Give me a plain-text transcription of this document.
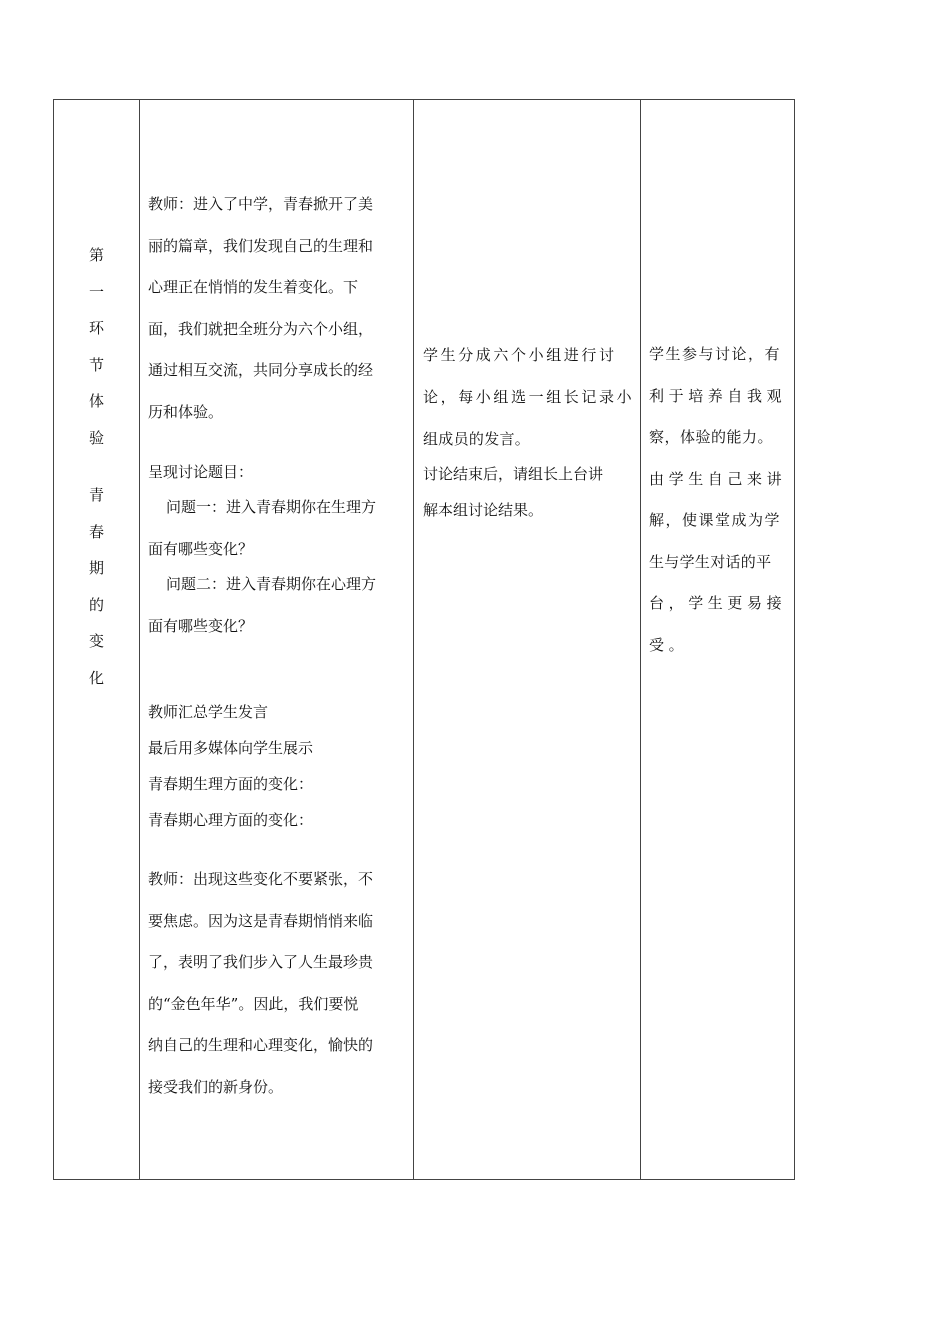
第
一
环
节
体
验
青
春
期
的
变
化
教师：进入了中学，青春掀开了美
丽的篇章，我们发现自己的生理和
心理正在悄悄的发生着变化。下
面，我们就把全班分为六个小组，
通过相互交流，共同分享成长的经
历和体验。
呈现讨论题目：
问题一：进入青春期你在生理方
面有哪些变化？
问题二：进入青春期你在心理方
面有哪些变化？
教师汇总学生发言
最后用多媒体向学生展示
青春期生理方面的变化：
青春期心理方面的变化：
教师：出现这些变化不要紧张，不
要焦虑。因为这是青春期悄悄来临
了，表明了我们步入了人生最珍贵
的“金色年华”。因此，我们要悦
纳自己的生理和心理变化，愉快的
接受我们的新身份。
学生分成六个小组进行讨
论，每小组选一组长记录小
组成员的发言。
讨论结束后，请组长上台讲
解本组讨论结果。
学生参与讨论，有
利于培养自我观
察，体验的能力。
由学生自己来讲
解，使课堂成为学
生与学生对话的平
台，学生更易接
受。
